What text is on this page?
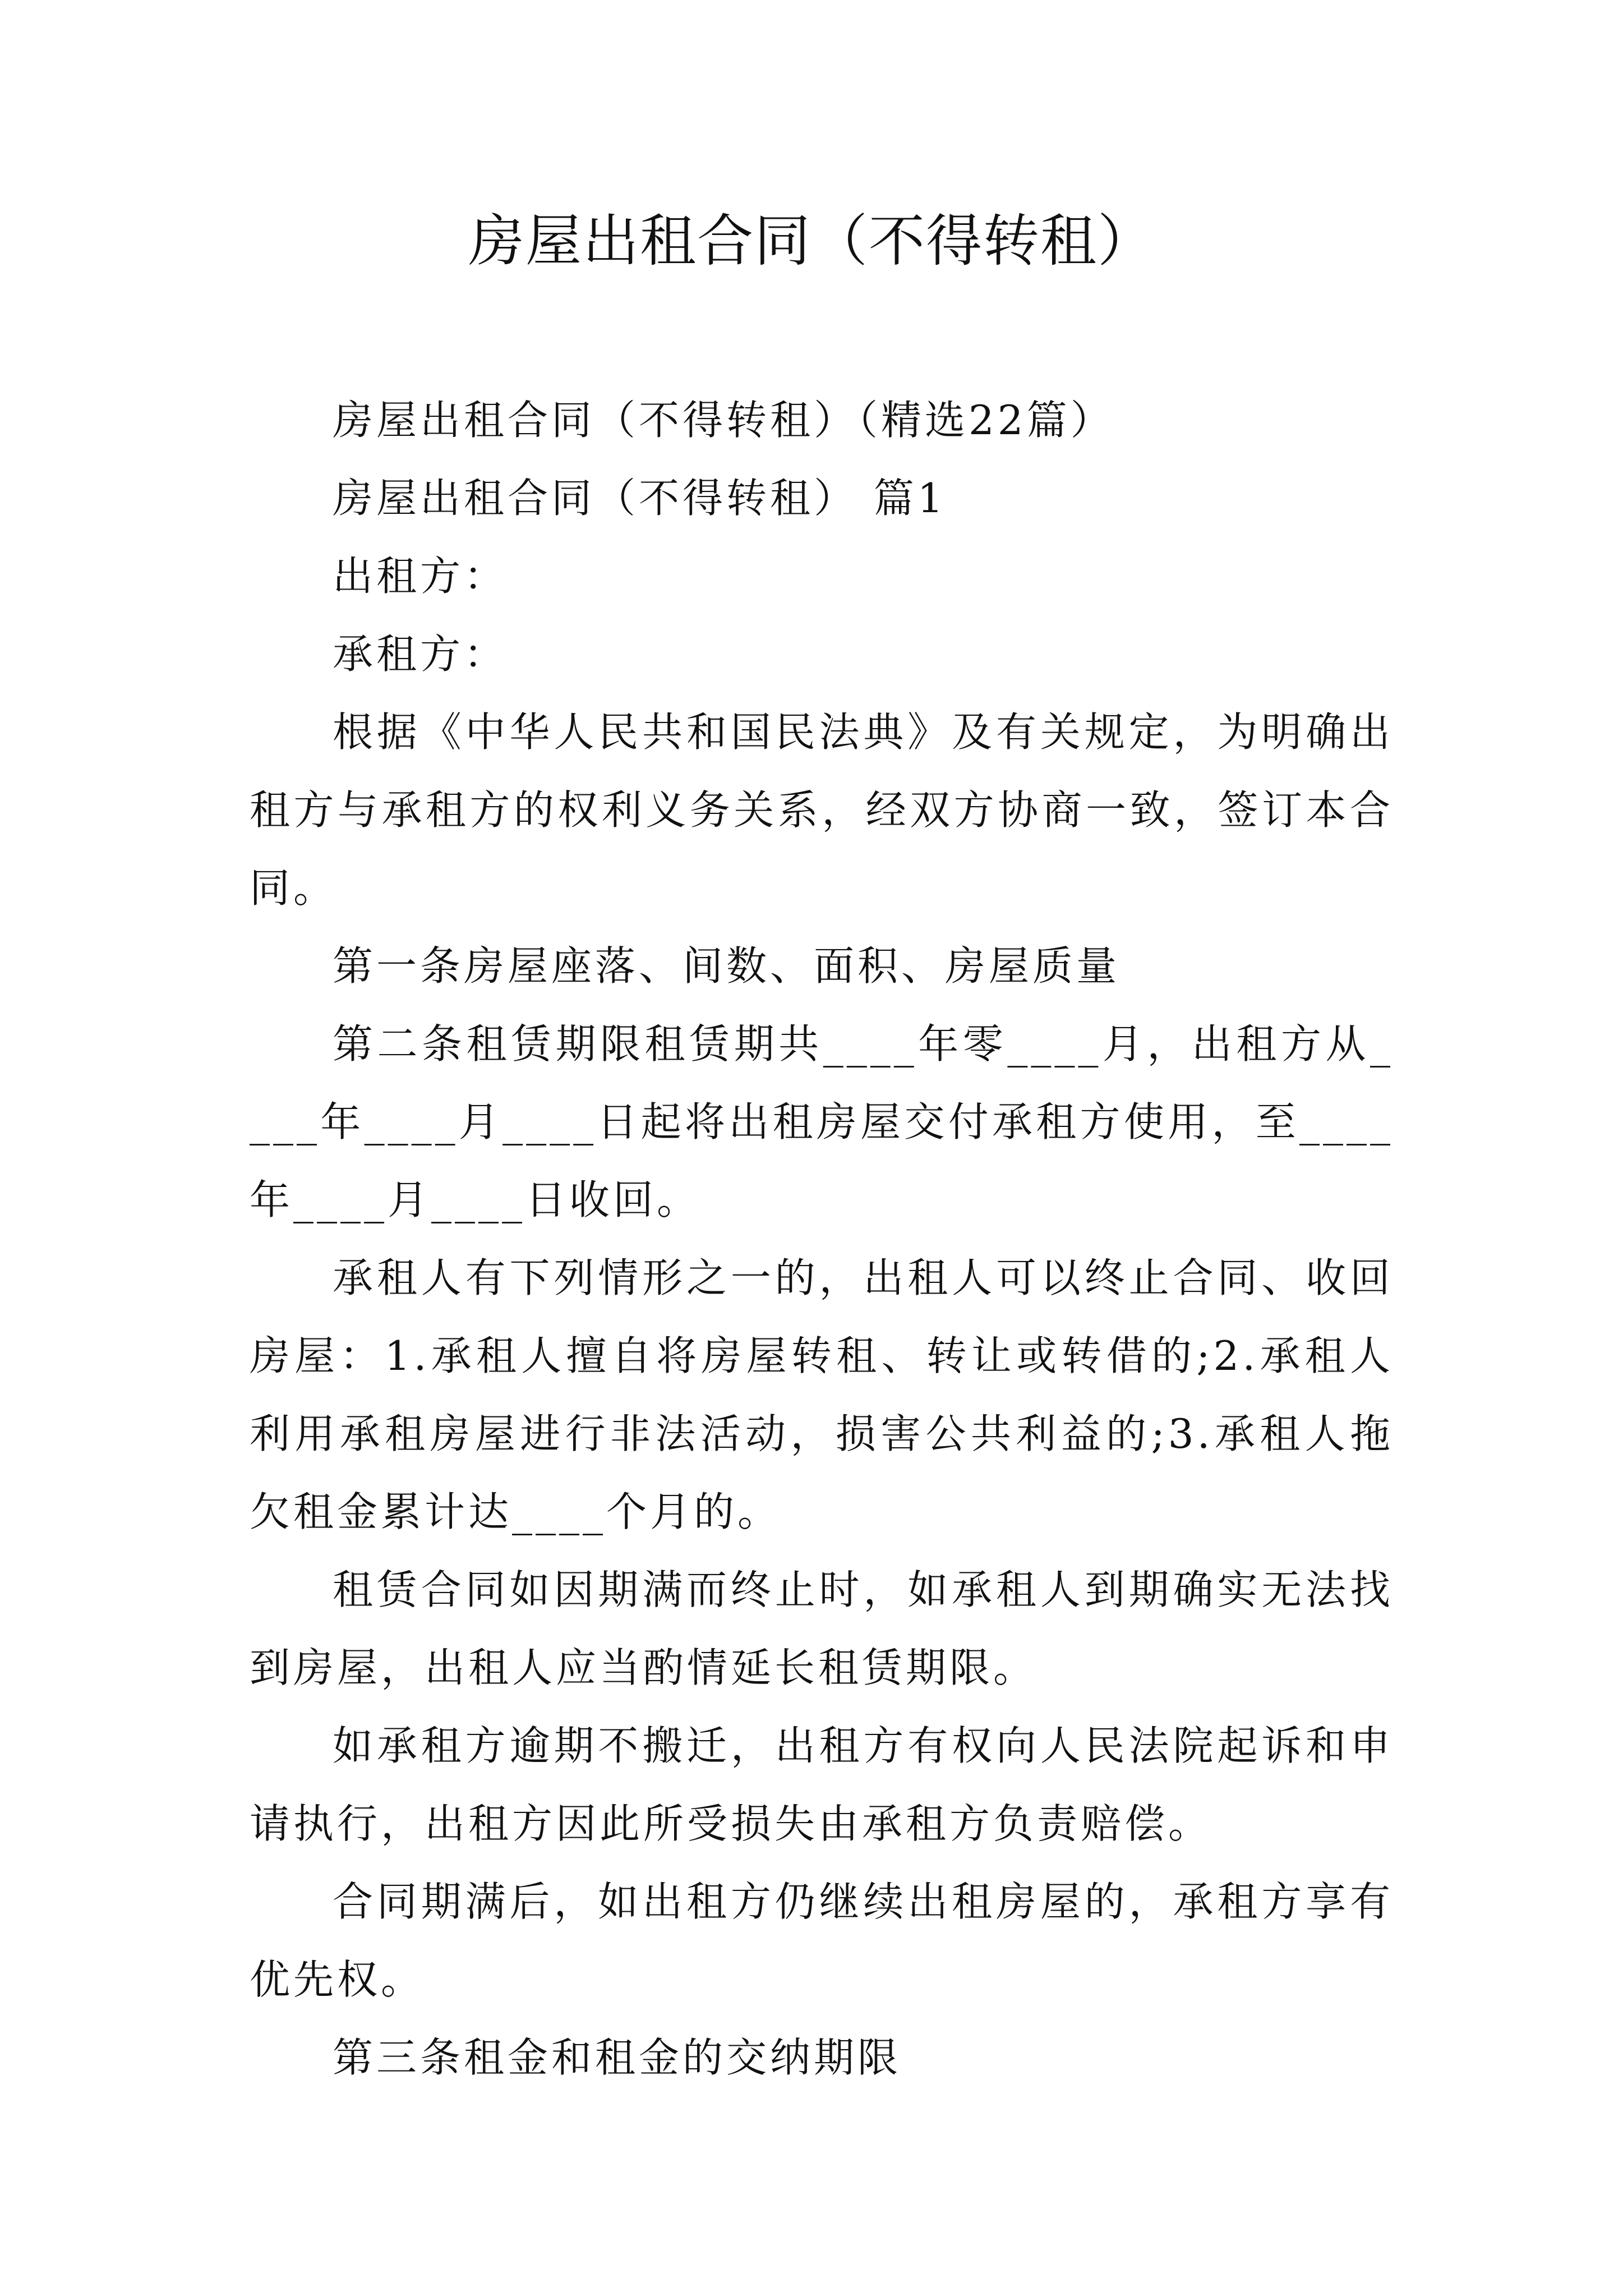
房屋出租合同（不得转租）

房屋出租合同（不得转租）（精选22篇）

房屋出租合同（不得转租） 篇1

出租方：

承租方：

根据《中华人民共和国民法典》及有关规定，为明确出租方与承租方的权利义务关系，经双方协商一致，签订本合同。

第一条房屋座落、间数、面积、房屋质量

第二条租赁期限租赁期共____年零____月，出租方从____年____月____日起将出租房屋交付承租方使用，至____年____月____日收回。

承租人有下列情形之一的，出租人可以终止合同、收回房屋：1.承租人擅自将房屋转租、转让或转借的;2.承租人利用承租房屋进行非法活动，损害公共利益的;3.承租人拖欠租金累计达____个月的。

租赁合同如因期满而终止时，如承租人到期确实无法找到房屋，出租人应当酌情延长租赁期限。

如承租方逾期不搬迁，出租方有权向人民法院起诉和申请执行，出租方因此所受损失由承租方负责赔偿。

合同期满后，如出租方仍继续出租房屋的，承租方享有优先权。

第三条租金和租金的交纳期限
